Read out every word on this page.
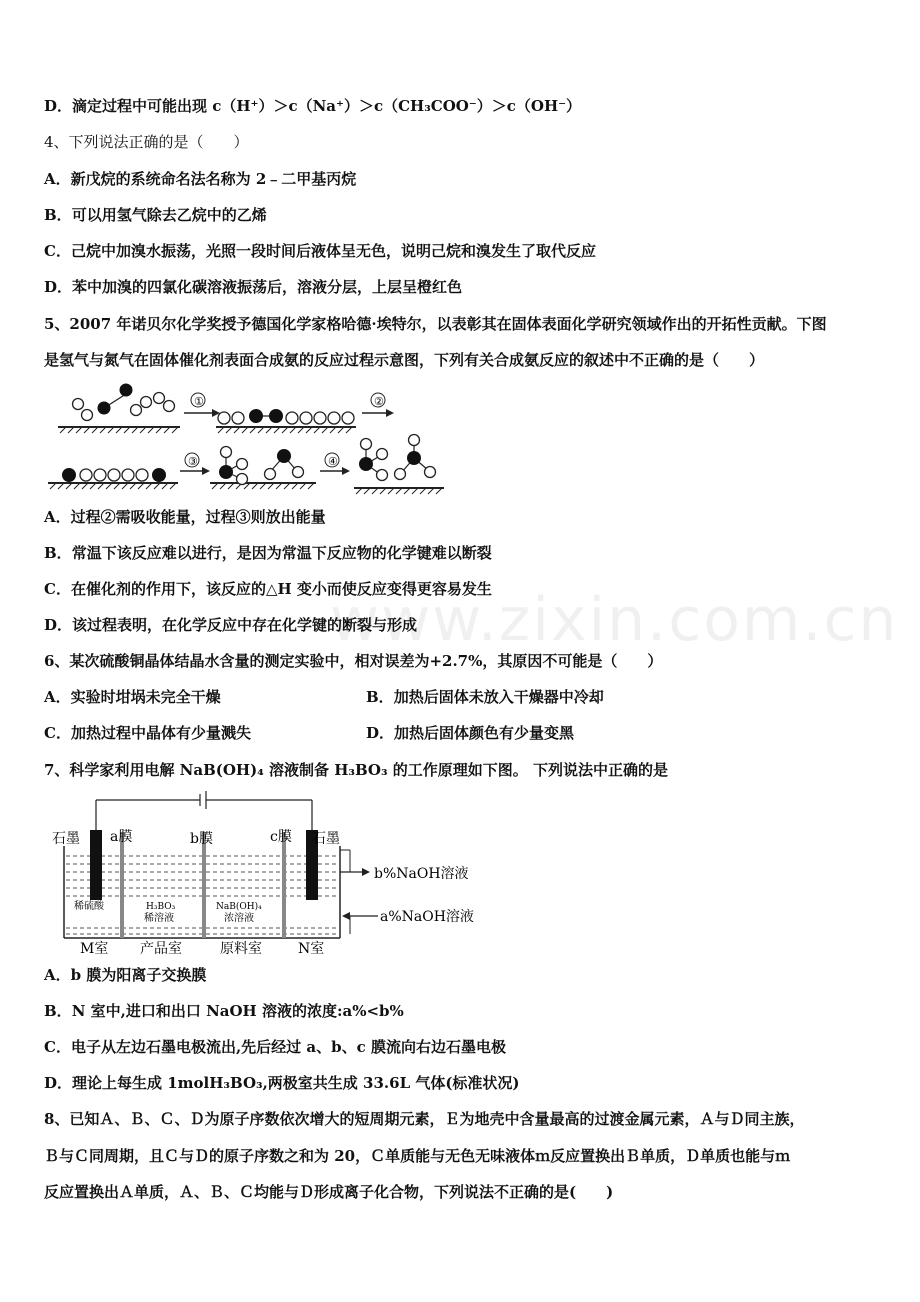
D．滴定过程中可能出现 c（H⁺）＞c（Na⁺）＞c（CH₃COO⁻）＞c（OH⁻）
4、下列说法正确的是（　　）
A．新戊烷的系统命名法名称为 2﹣二甲基丙烷
B．可以用氢气除去乙烷中的乙烯
C．己烷中加溴水振荡，光照一段时间后液体呈无色，说明己烷和溴发生了取代反应
D．苯中加溴的四氯化碳溶液振荡后，溶液分层，上层呈橙红色
5、2007 年诺贝尔化学奖授予德国化学家格哈德·埃特尔，以表彰其在固体表面化学研究领域作出的开拓性贡献。下图
是氢气与氮气在固体催化剂表面合成氨的反应过程示意图，下列有关合成氨反应的叙述中不正确的是（　　）
①	②
③	④
A．过程②需吸收能量，过程③则放出能量
B．常温下该反应难以进行，是因为常温下反应物的化学键难以断裂
C．在催化剂的作用下，该反应的△H 变小而使反应变得更容易发生
D．该过程表明，在化学反应中存在化学键的断裂与形成
6、某次硫酸铜晶体结晶水含量的测定实验中，相对误差为+2.7%，其原因不可能是（　　）
A．实验时坩埚未完全干燥	B．加热后固体未放入干燥器中冷却
C．加热过程中晶体有少量溅失	D．加热后固体颜色有少量变黑
7、科学家利用电解 NaB(OH)₄ 溶液制备 H₃BO₃ 的工作原理如下图。 下列说法中正确的是
石墨 a膜	b膜	c膜 石墨
稀硫酸	H₃BO₃
稀溶液
NaB(OH)₄
浓溶液
M室 产品室	原料室	N室
b%NaOH溶液
a%NaOH溶液
A．b 膜为阳离子交换膜
B．N 室中,进口和出口 NaOH 溶液的浓度:a%<b%
C．电子从左边石墨电极流出,先后经过 a、b、c 膜流向右边石墨电极
D．理论上每生成 1molH₃BO₃,两极室共生成 33.6L 气体(标准状况)
8、已知Ａ、Ｂ、Ｃ、Ｄ为原子序数依次增大的短周期元素，Ｅ为地壳中含量最高的过渡金属元素，Ａ与Ｄ同主族，
Ｂ与Ｃ同周期，且Ｃ与Ｄ的原子序数之和为 20，Ｃ单质能与无色无味液体ｍ反应置换出Ｂ单质，Ｄ单质也能与ｍ
反应置换出Ａ单质，Ａ、Ｂ、Ｃ均能与Ｄ形成离子化合物，下列说法不正确的是(　　)
www.zixin.com.cn
